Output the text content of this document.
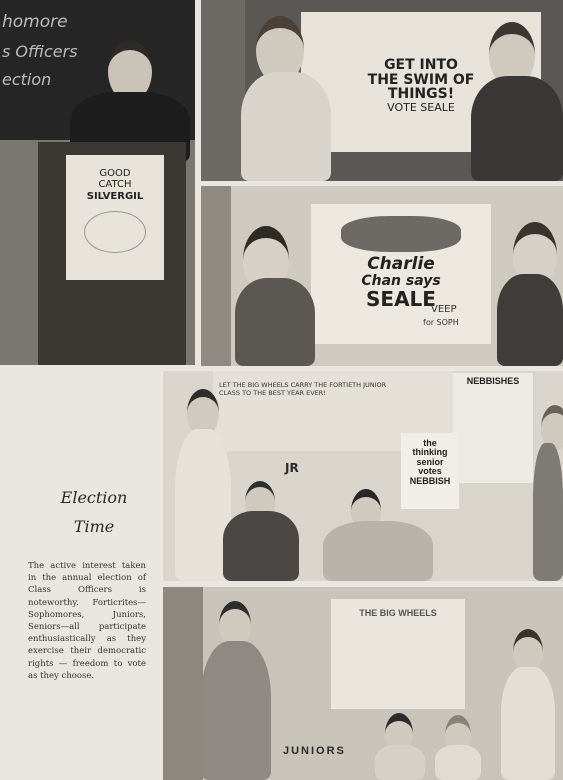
homore
s Officers
ection
GOOD
CATCH
SILVERGIL
GET INTO
THE SWIM OF
THINGS!
VOTE SEALE
Charlie
Chan says
SEALE
VEEP
for SOPH
Election
Time
The active interest taken in the annual election of Class Officers is noteworthy. Forticrites—Sophomores, Juniors, Seniors—all participate enthusiastically as they exercise their democratic rights — freedom to vote as they choose.
LET THE BIG WHEELS CARRY THE FORTIETH JUNIOR CLASS TO THE BEST YEAR EVER!
NEBBISHES
the
thinking
senior
votes
NEBBISH
JR
THE BIG WHEELS
JUNIORS
